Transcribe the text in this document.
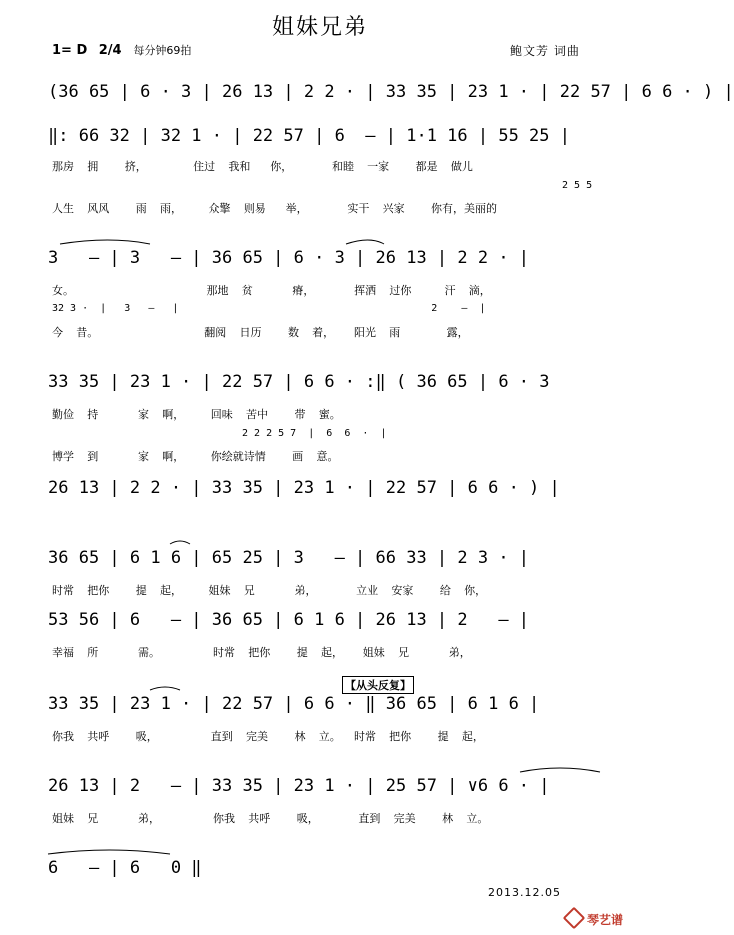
姐妹兄弟
1= D 2/4 每分钟69拍	鲍文芳 词曲
(36 65 | 6 · 3 | 26 13 | 2 2 · | 33 35 | 23 1 · | 22 57 | 6 6 · ) |
‖: 66 32 | 32 1 · | 22 57 | 6  — | 1·1 16 | 55 25 |
那房  拥    挤，       住过  我和   你，      和睦  一家    都是  做儿
2 5 5
人生  风风    雨  雨，    众擎  则易   举，      实干  兴家    你有，美丽的
3   — | 3   — | 36 65 | 6 · 3 | 26 13 | 2 2 · |
女。                    那地  贫      瘠，      挥洒  过你     汗  滴，
32 3 ·  |   3   —   |                                          2    —  |
今  昔。                翻阅  日历    数  着，   阳光  雨       露，
33 35 | 23 1 · | 22 57 | 6 6 · :‖ ( 36 65 | 6 · 3
勤俭  持      家  啊，    回味  苦中    带  蜜。
2 2 2 5 7  |  6  6  ·  |
博学  到      家  啊，    你绘就诗情    画  意。
26 13 | 2 2 · | 33 35 | 23 1 · | 22 57 | 6 6 · ) |
36 65 | 6 1 6 | 65 25 | 3   — | 66 33 | 2 3 · |
时常  把你    提  起，    姐妹  兄      弟，      立业  安家    给  你，
53 56 | 6   — | 36 65 | 6 1 6 | 26 13 | 2   — |
幸福  所      需。        时常  把你    提  起，   姐妹  兄      弟，
【从头反复】
33 35 | 23 1 · | 22 57 | 6 6 · ‖ 36 65 | 6 1 6 |
你我  共呼    吸，        直到  完美    林  立。  时常  把你    提  起，
26 13 | 2   — | 33 35 | 23 1 · | 25 57 | ∨6 6 · |
姐妹  兄      弟，        你我  共呼    吸，      直到  完美    林  立。
6   — | 6   0 ‖
2013.12.05
琴艺谱
